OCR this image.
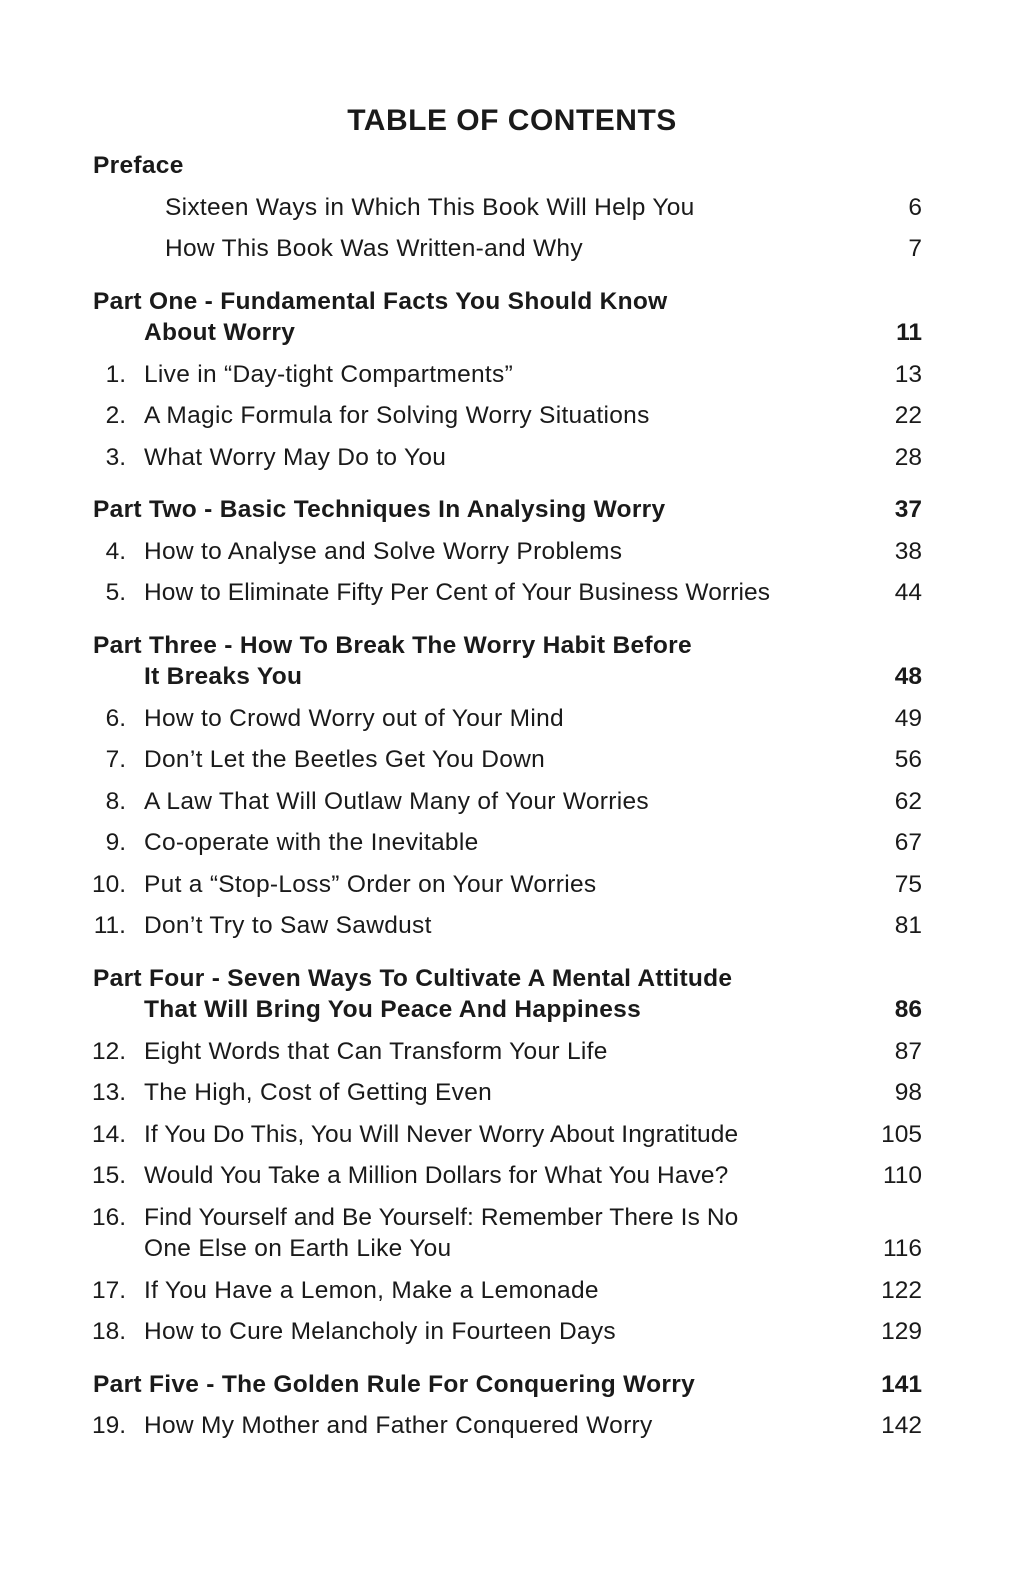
TABLE OF CONTENTS
Preface
Sixteen Ways in Which This Book Will Help You	6
How This Book Was Written-and Why	7
Part One - Fundamental Facts You Should Know
About Worry	11
1. Live in “Day-tight Compartments”	13
2. A Magic Formula for Solving Worry Situations	22
3. What Worry May Do to You	28
Part Two - Basic Techniques In Analysing Worry	37
4. How to Analyse and Solve Worry Problems	38
5. How to Eliminate Fifty Per Cent of Your Business Worries	44
Part Three - How To Break The Worry Habit Before
It Breaks You	48
6. How to Crowd Worry out of Your Mind	49
7. Don’t Let the Beetles Get You Down	56
8. A Law That Will Outlaw Many of Your Worries	62
9. Co-operate with the Inevitable	67
10. Put a “Stop-Loss” Order on Your Worries	75
11. Don’t Try to Saw Sawdust	81
Part Four - Seven Ways To Cultivate A Mental Attitude
That Will Bring You Peace And Happiness	86
12. Eight Words that Can Transform Your Life	87
13. The High, Cost of Getting Even	98
14. If You Do This, You Will Never Worry About Ingratitude	105
15. Would You Take a Million Dollars for What You Have?	110
16. Find Yourself and Be Yourself: Remember There Is No
One Else on Earth Like You	116
17. If You Have a Lemon, Make a Lemonade	122
18. How to Cure Melancholy in Fourteen Days	129
Part Five - The Golden Rule For Conquering Worry	141
19. How My Mother and Father Conquered Worry	142
